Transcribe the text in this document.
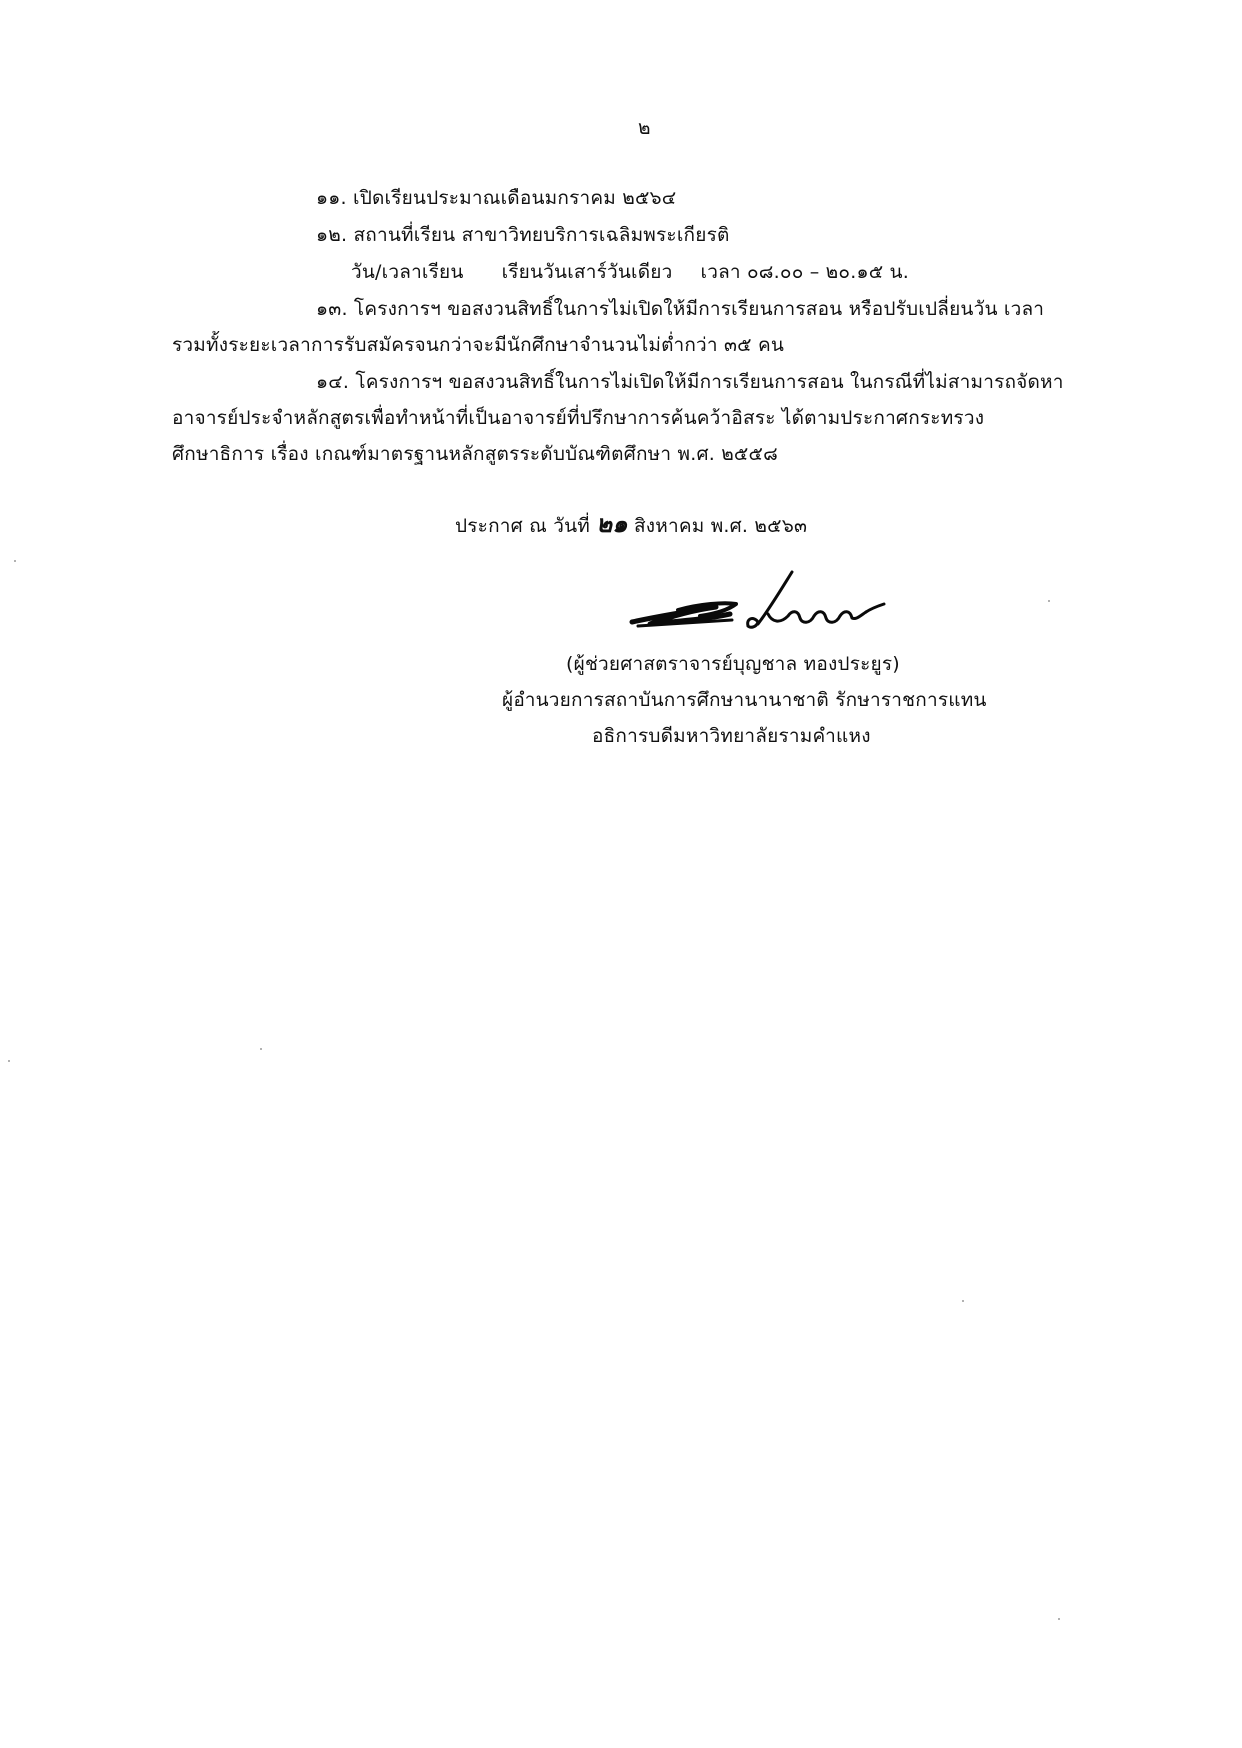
๒
๑๑. เปิดเรียนประมาณเดือนมกราคม ๒๕๖๔
๑๒. สถานที่เรียน สาขาวิทยบริการเฉลิมพระเกียรติ
วัน/เวลาเรียน เรียนวันเสาร์วันเดียว เวลา ๐๘.๐๐ – ๒๐.๑๕ น.
๑๓. โครงการฯ ขอสงวนสิทธิ์ในการไม่เปิดให้มีการเรียนการสอน หรือปรับเปลี่ยนวัน เวลา
รวมทั้งระยะเวลาการรับสมัครจนกว่าจะมีนักศึกษาจำนวนไม่ต่ำกว่า ๓๕ คน
๑๔. โครงการฯ ขอสงวนสิทธิ์ในการไม่เปิดให้มีการเรียนการสอน ในกรณีที่ไม่สามารถจัดหา
อาจารย์ประจำหลักสูตรเพื่อทำหน้าที่เป็นอาจารย์ที่ปรึกษาการค้นคว้าอิสระ ได้ตามประกาศกระทรวง
ศึกษาธิการ เรื่อง เกณฑ์มาตรฐานหลักสูตรระดับบัณฑิตศึกษา พ.ศ. ๒๕๕๘
ประกาศ ณ วันที่ ๒๑ สิงหาคม พ.ศ. ๒๕๖๓
(ผู้ช่วยศาสตราจารย์บุญชาล ทองประยูร)
ผู้อำนวยการสถาบันการศึกษานานาชาติ รักษาราชการแทน
อธิการบดีมหาวิทยาลัยรามคำแหง
